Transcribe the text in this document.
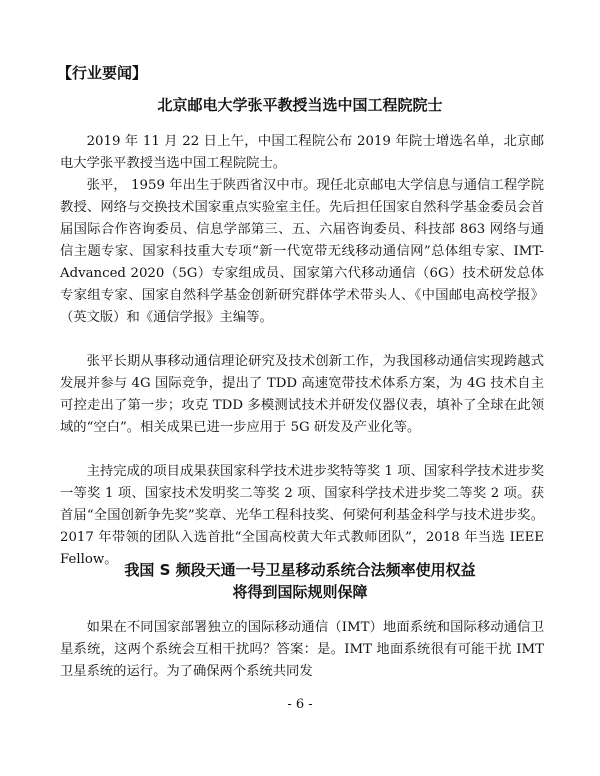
【行业要闻】
北京邮电大学张平教授当选中国工程院院士

2019 年 11 月 22 日上午，中国工程院公布 2019 年院士增选名单，北京邮电大学张平教授当选中国工程院院士。

张平， 1959 年出生于陕西省汉中市。现任北京邮电大学信息与通信工程学院教授、网络与交换技术国家重点实验室主任。先后担任国家自然科学基金委员会首届国际合作咨询委员、信息学部第三、五、六届咨询委员、科技部 863 网络与通信主题专家、国家科技重大专项“新一代宽带无线移动通信网”总体组专家、IMT-Advanced 2020（5G）专家组成员、国家第六代移动通信（6G）技术研发总体专家组专家、国家自然科学基金创新研究群体学术带头人、《中国邮电高校学报》（英文版）和《通信学报》主编等。

张平长期从事移动通信理论研究及技术创新工作，为我国移动通信实现跨越式发展并参与 4G 国际竞争，提出了 TDD 高速宽带技术体系方案，为 4G 技术自主可控走出了第一步；攻克 TDD 多模测试技术并研发仪器仪表，填补了全球在此领域的“空白”。相关成果已进一步应用于 5G 研发及产业化等。

主持完成的项目成果获国家科学技术进步奖特等奖 1 项、国家科学技术进步奖一等奖 1 项、国家技术发明奖二等奖 2 项、国家科学技术进步奖二等奖 2 项。获首届“全国创新争先奖”奖章、光华工程科技奖、何梁何利基金科学与技术进步奖。2017 年带领的团队入选首批“全国高校黄大年式教师团队”，2018 年当选 IEEE Fellow。

我国 S 频段天通一号卫星移动系统合法频率使用权益
将得到国际规则保障

如果在不同国家部署独立的国际移动通信（IMT）地面系统和国际移动通信卫星系统，这两个系统会互相干扰吗？答案：是。IMT 地面系统很有可能干扰 IMT 卫星系统的运行。为了确保两个系统共同发

- 6 -
